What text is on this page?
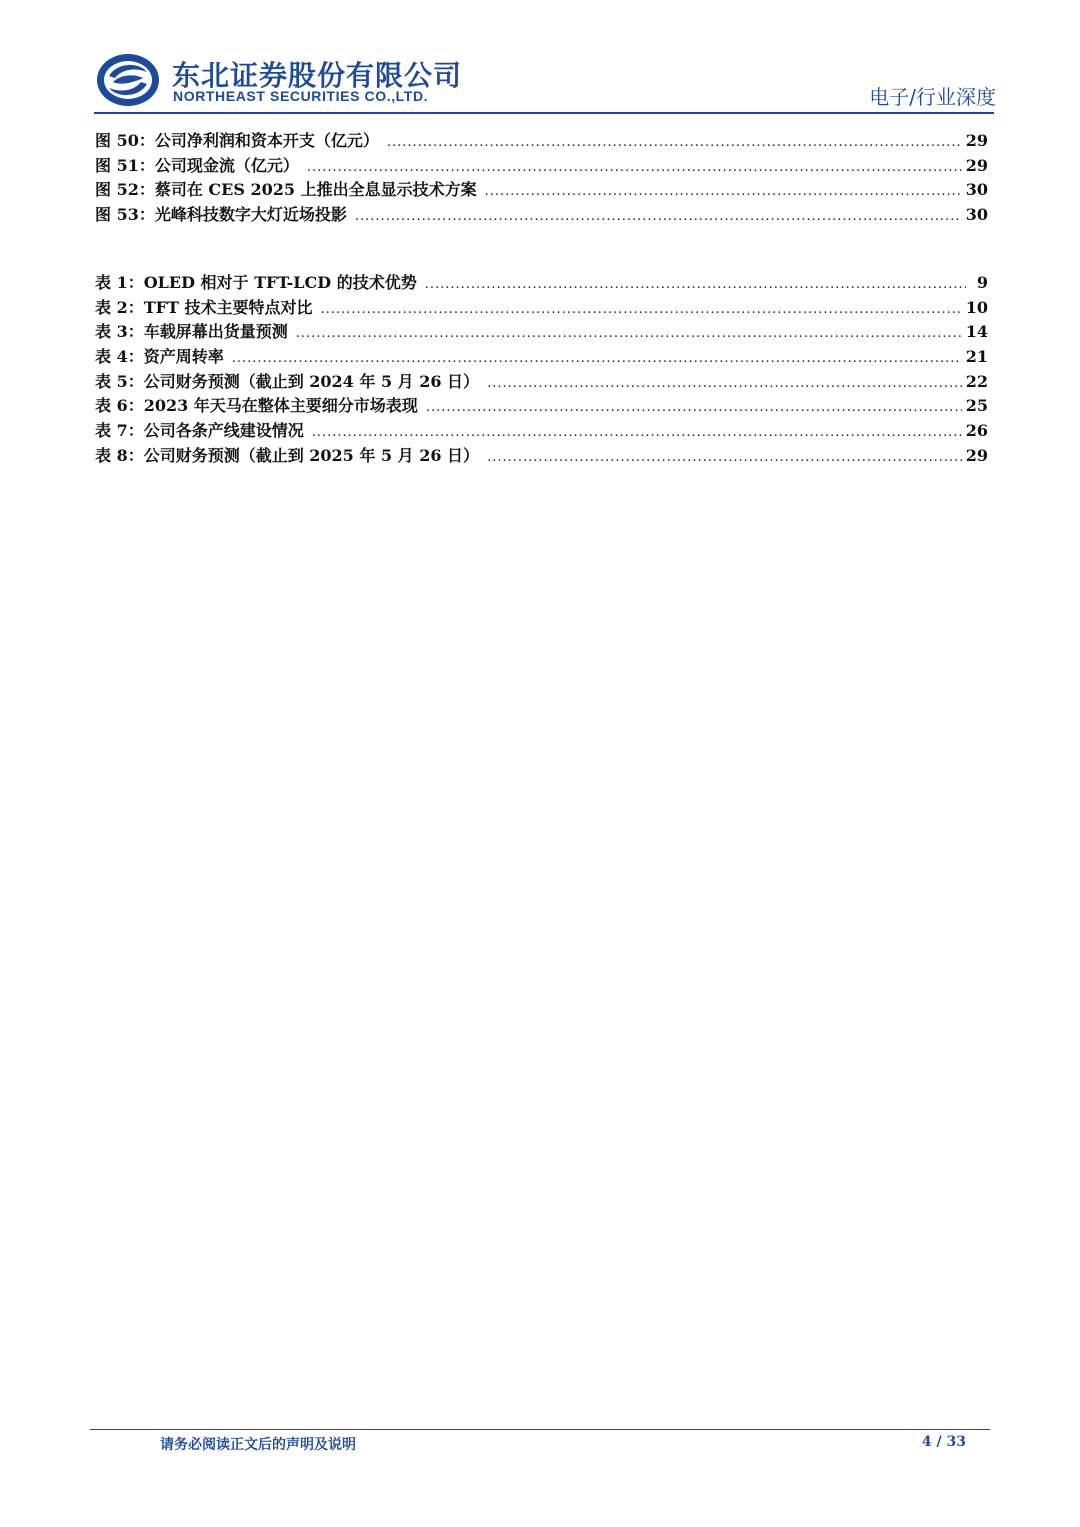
东北证券股份有限公司
NORTHEAST SECURITIES CO.,LTD.	电子/行业深度
图 50：公司净利润和资本开支（亿元） .....	29
图 51：公司现金流（亿元） .....	29
图 52：蔡司在 CES 2025 上推出全息显示技术方案 .....	30
图 53：光峰科技数字大灯近场投影 .....	30
表 1：OLED 相对于 TFT-LCD 的技术优势 .....	9
表 2：TFT 技术主要特点对比 .....	10
表 3：车载屏幕出货量预测 .....	14
表 4：资产周转率 .....	21
表 5：公司财务预测（截止到 2024 年 5 月 26 日） .....	22
表 6：2023 年天马在整体主要细分市场表现 .....	25
表 7：公司各条产线建设情况 .....	26
表 8：公司财务预测（截止到 2025 年 5 月 26 日） .....	29
请务必阅读正文后的声明及说明	4 / 33
